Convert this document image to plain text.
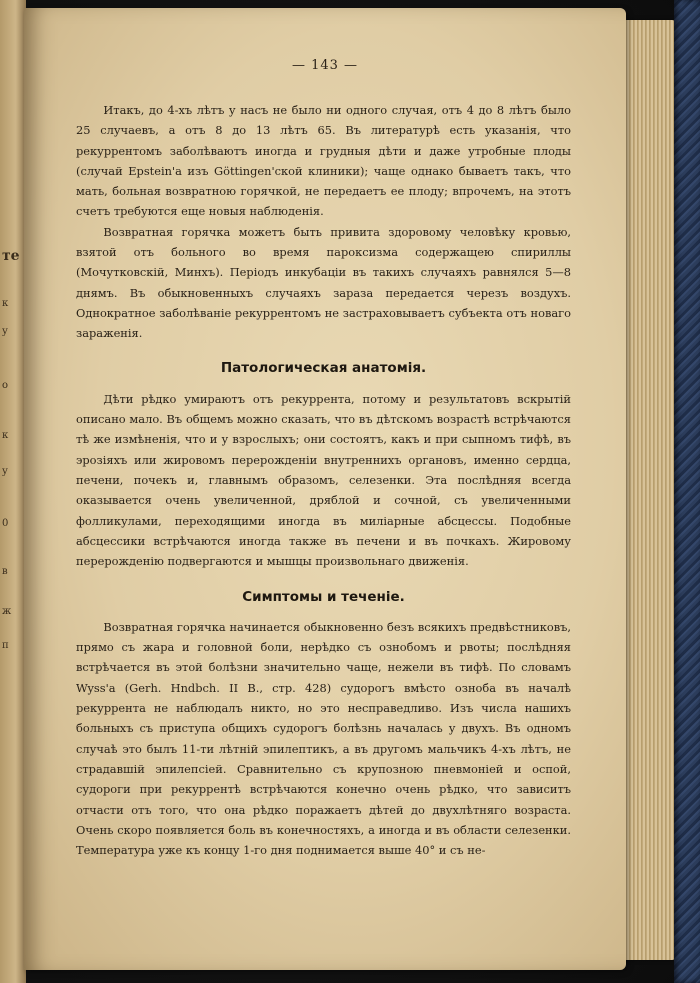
те
к
у
о
к
у
0
в
ж
п
— 143 —

Итакъ, до 4-хъ лѣтъ у насъ не было ни одного случая, отъ 4 до 8 лѣтъ было 25 случаевъ, а отъ 8 до 13 лѣтъ 65. Въ литературѣ есть указанія, что рекуррентомъ заболѣваютъ иногда и грудныя дѣти и даже утробные плоды (случай Epstein'a изъ Göttingen'ской клиники); чаще однако бываетъ такъ, что мать, больная возвратною горячкой, не передаетъ ее плоду; впрочемъ, на этотъ счетъ требуются еще новыя наблюденія.

Возвратная горячка можетъ быть привита здоровому человѣку кровью, взятой отъ больного во время пароксизма содержащею спириллы (Мочутковскій, Минхъ). Періодъ инкубаціи въ такихъ случаяхъ равнялся 5—8 днямъ. Въ обыкновенныхъ случаяхъ зараза передается черезъ воздухъ. Однократное заболѣваніе рекуррентомъ не застраховываетъ субъекта отъ новаго зараженія.

Патологическая анатомія.

Дѣти рѣдко умираютъ отъ рекуррента, потому и результатовъ вскрытій описано мало. Въ общемъ можно сказать, что въ дѣтскомъ возрастѣ встрѣчаются тѣ же измѣненія, что и у взрослыхъ; они состоятъ, какъ и при сыпномъ тифѣ, въ эрозіяхъ или жировомъ перерожденіи внутреннихъ органовъ, именно сердца, печени, почекъ и, главнымъ образомъ, селезенки. Эта послѣдняя всегда оказывается очень увеличенной, дряблой и сочной, съ увеличенными фолликулами, переходящими иногда въ миліарные абсцессы. Подобные абсцессики встрѣчаются иногда также въ печени и въ почкахъ. Жировому перерожденію подвергаются и мышцы произвольнаго движенія.

Симптомы и теченіе.

Возвратная горячка начинается обыкновенно безъ всякихъ предвѣстниковъ, прямо съ жара и головной боли, нерѣдко съ ознобомъ и рвоты; послѣдняя встрѣчается въ этой болѣзни значительно чаще, нежели въ тифѣ. По словамъ Wyss'a (Gerh. Hndbch. II B., стр. 428) судорогъ вмѣсто озноба въ началѣ рекуррента не наблюдалъ никто, но это несправедливо. Изъ числа нашихъ больныхъ съ приступа общихъ судорогъ болѣзнь началась у двухъ. Въ одномъ случаѣ это былъ 11-ти лѣтній эпилептикъ, а въ другомъ мальчикъ 4-хъ лѣтъ, не страдавшій эпилепсіей. Сравнительно съ крупозною пневмоніей и оспой, судороги при рекуррентѣ встрѣчаются конечно очень рѣдко, что зависитъ отчасти отъ того, что она рѣдко поражаетъ дѣтей до двухлѣтняго возраста. Очень скоро появляется боль въ конечностяхъ, а иногда и въ области селезенки. Температура уже къ концу 1-го дня поднимается выше 40° и съ не-
